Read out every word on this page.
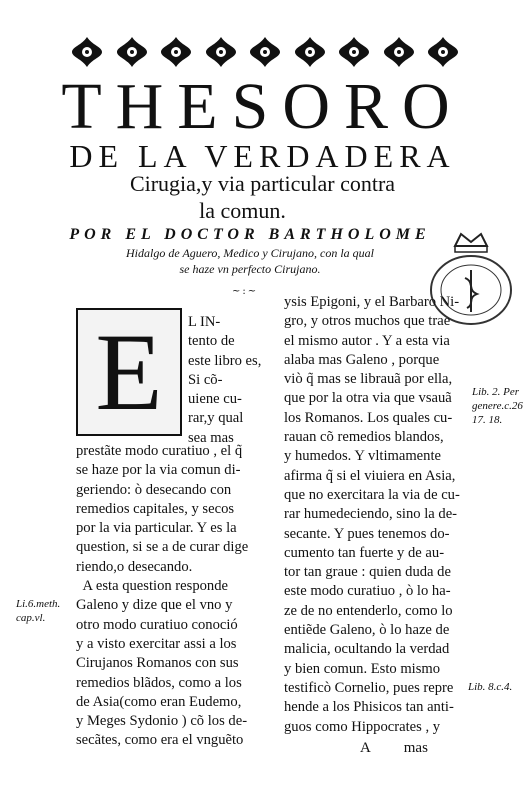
THESORO
DE LA VERDADERA
Cirugia,y via particular contra
la comun.
POR EL DOCTOR BARTHOLOME
Hidalgo de Aguero, Medico y Cirujano, con la qual
se haze vn perfecto Cirujano.
~:~
E L IN-
tento de
este libro es,
Si cõ-
uiene cu-
rar,y qual
sea mas
prestãte modo curatiuo , el q̃
se haze por la via comun di-
geriendo: ò desecando con
remedios capitales, y secos
por la via particular. Y es la
question, si se a de curar dige
riendo,o desecando.
A esta question responde
Galeno y dize que el vno y
otro modo curatiuo conoció
y a visto exercitar assi a los
Cirujanos Romanos con sus
remedios blãdos, como a los
de Asia(como eran Eudemo,
y Meges Sydonio ) cõ los de-
secãtes, como era el vnguẽto
ysis Epigoni, y el Barbaro Ni-
gro, y otros muchos que trae
el mismo autor . Y a esta via
alaba mas Galeno , porque
viò q̃ mas se librauã por ella,
que por la otra via que vsauã
los Romanos. Los quales cu-
rauan cõ remedios blandos,
y humedos. Y vltimamente
afirma q̃ si el viuiera en Asia,
que no exercitara la via de cu-
rar humedeciendo, sino la de-
secante. Y pues tenemos do-
cumento tan fuerte y de au-
tor tan graue : quien duda de
este modo curatiuo , ò lo ha-
ze de no entenderlo, como lo
entiẽde Galeno, ò lo haze de
malicia, ocultando la verdad
y bien comun. Esto mismo
testificò Cornelio, pues repre
hende a los Phisicos tan anti-
guos como Hippocrates , y
Lib. 2. Per
genere.c.26
17. 18.
Li.6.meth.
cap.vl.
Lib. 8.c.4.
A mas
